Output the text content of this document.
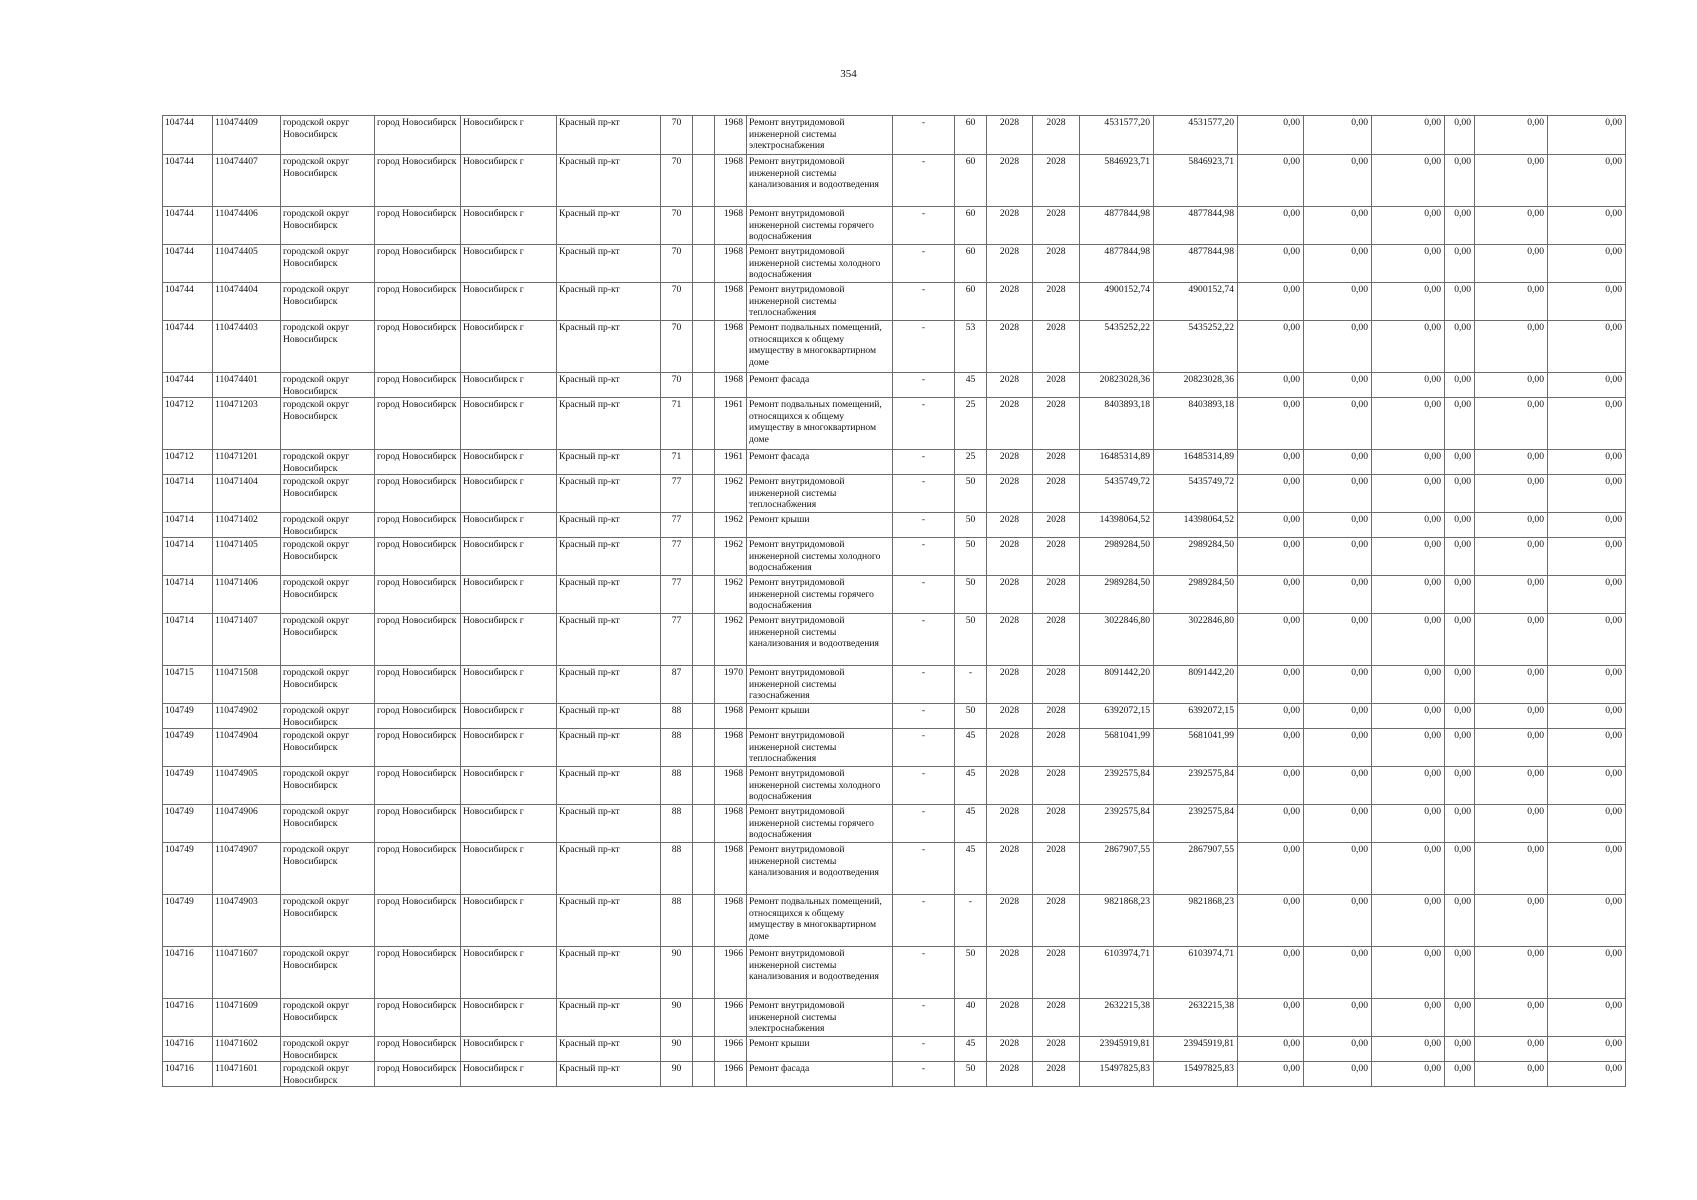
354
104744	110474409	городской округ Новосибирск	город Новосибирск	Новосибирск г	Красный пр-кт	70		1968	Ремонт внутридомовой инженерной системы электроснабжения	-	60	2028	2028	4531577,20	4531577,20	0,00	0,00	0,00	0,00	0,00	0,00
104744	110474407	городской округ Новосибирск	город Новосибирск	Новосибирск г	Красный пр-кт	70		1968	Ремонт внутридомовой инженерной системы канализования и водоотведения	-	60	2028	2028	5846923,71	5846923,71	0,00	0,00	0,00	0,00	0,00	0,00
104744	110474406	городской округ Новосибирск	город Новосибирск	Новосибирск г	Красный пр-кт	70		1968	Ремонт внутридомовой инженерной системы горячего водоснабжения	-	60	2028	2028	4877844,98	4877844,98	0,00	0,00	0,00	0,00	0,00	0,00
104744	110474405	городской округ Новосибирск	город Новосибирск	Новосибирск г	Красный пр-кт	70		1968	Ремонт внутридомовой инженерной системы холодного водоснабжения	-	60	2028	2028	4877844,98	4877844,98	0,00	0,00	0,00	0,00	0,00	0,00
104744	110474404	городской округ Новосибирск	город Новосибирск	Новосибирск г	Красный пр-кт	70		1968	Ремонт внутридомовой инженерной системы теплоснабжения	-	60	2028	2028	4900152,74	4900152,74	0,00	0,00	0,00	0,00	0,00	0,00
104744	110474403	городской округ Новосибирск	город Новосибирск	Новосибирск г	Красный пр-кт	70		1968	Ремонт подвальных помещений, относящихся к общему имуществу в многоквартирном доме	-	53	2028	2028	5435252,22	5435252,22	0,00	0,00	0,00	0,00	0,00	0,00
104744	110474401	городской округ Новосибирск	город Новосибирск	Новосибирск г	Красный пр-кт	70		1968	Ремонт фасада	-	45	2028	2028	20823028,36	20823028,36	0,00	0,00	0,00	0,00	0,00	0,00
104712	110471203	городской округ Новосибирск	город Новосибирск	Новосибирск г	Красный пр-кт	71		1961	Ремонт подвальных помещений, относящихся к общему имуществу в многоквартирном доме	-	25	2028	2028	8403893,18	8403893,18	0,00	0,00	0,00	0,00	0,00	0,00
104712	110471201	городской округ Новосибирск	город Новосибирск	Новосибирск г	Красный пр-кт	71		1961	Ремонт фасада	-	25	2028	2028	16485314,89	16485314,89	0,00	0,00	0,00	0,00	0,00	0,00
104714	110471404	городской округ Новосибирск	город Новосибирск	Новосибирск г	Красный пр-кт	77		1962	Ремонт внутридомовой инженерной системы теплоснабжения	-	50	2028	2028	5435749,72	5435749,72	0,00	0,00	0,00	0,00	0,00	0,00
104714	110471402	городской округ Новосибирск	город Новосибирск	Новосибирск г	Красный пр-кт	77		1962	Ремонт крыши	-	50	2028	2028	14398064,52	14398064,52	0,00	0,00	0,00	0,00	0,00	0,00
104714	110471405	городской округ Новосибирск	город Новосибирск	Новосибирск г	Красный пр-кт	77		1962	Ремонт внутридомовой инженерной системы холодного водоснабжения	-	50	2028	2028	2989284,50	2989284,50	0,00	0,00	0,00	0,00	0,00	0,00
104714	110471406	городской округ Новосибирск	город Новосибирск	Новосибирск г	Красный пр-кт	77		1962	Ремонт внутридомовой инженерной системы горячего водоснабжения	-	50	2028	2028	2989284,50	2989284,50	0,00	0,00	0,00	0,00	0,00	0,00
104714	110471407	городской округ Новосибирск	город Новосибирск	Новосибирск г	Красный пр-кт	77		1962	Ремонт внутридомовой инженерной системы канализования и водоотведения	-	50	2028	2028	3022846,80	3022846,80	0,00	0,00	0,00	0,00	0,00	0,00
104715	110471508	городской округ Новосибирск	город Новосибирск	Новосибирск г	Красный пр-кт	87		1970	Ремонт внутридомовой инженерной системы газоснабжения	-	-	2028	2028	8091442,20	8091442,20	0,00	0,00	0,00	0,00	0,00	0,00
104749	110474902	городской округ Новосибирск	город Новосибирск	Новосибирск г	Красный пр-кт	88		1968	Ремонт крыши	-	50	2028	2028	6392072,15	6392072,15	0,00	0,00	0,00	0,00	0,00	0,00
104749	110474904	городской округ Новосибирск	город Новосибирск	Новосибирск г	Красный пр-кт	88		1968	Ремонт внутридомовой инженерной системы теплоснабжения	-	45	2028	2028	5681041,99	5681041,99	0,00	0,00	0,00	0,00	0,00	0,00
104749	110474905	городской округ Новосибирск	город Новосибирск	Новосибирск г	Красный пр-кт	88		1968	Ремонт внутридомовой инженерной системы холодного водоснабжения	-	45	2028	2028	2392575,84	2392575,84	0,00	0,00	0,00	0,00	0,00	0,00
104749	110474906	городской округ Новосибирск	город Новосибирск	Новосибирск г	Красный пр-кт	88		1968	Ремонт внутридомовой инженерной системы горячего водоснабжения	-	45	2028	2028	2392575,84	2392575,84	0,00	0,00	0,00	0,00	0,00	0,00
104749	110474907	городской округ Новосибирск	город Новосибирск	Новосибирск г	Красный пр-кт	88		1968	Ремонт внутридомовой инженерной системы канализования и водоотведения	-	45	2028	2028	2867907,55	2867907,55	0,00	0,00	0,00	0,00	0,00	0,00
104749	110474903	городской округ Новосибирск	город Новосибирск	Новосибирск г	Красный пр-кт	88		1968	Ремонт подвальных помещений, относящихся к общему имуществу в многоквартирном доме	-	-	2028	2028	9821868,23	9821868,23	0,00	0,00	0,00	0,00	0,00	0,00
104716	110471607	городской округ Новосибирск	город Новосибирск	Новосибирск г	Красный пр-кт	90		1966	Ремонт внутридомовой инженерной системы канализования и водоотведения	-	50	2028	2028	6103974,71	6103974,71	0,00	0,00	0,00	0,00	0,00	0,00
104716	110471609	городской округ Новосибирск	город Новосибирск	Новосибирск г	Красный пр-кт	90		1966	Ремонт внутридомовой инженерной системы электроснабжения	-	40	2028	2028	2632215,38	2632215,38	0,00	0,00	0,00	0,00	0,00	0,00
104716	110471602	городской округ Новосибирск	город Новосибирск	Новосибирск г	Красный пр-кт	90		1966	Ремонт крыши	-	45	2028	2028	23945919,81	23945919,81	0,00	0,00	0,00	0,00	0,00	0,00
104716	110471601	городской округ Новосибирск	город Новосибирск	Новосибирск г	Красный пр-кт	90		1966	Ремонт фасада	-	50	2028	2028	15497825,83	15497825,83	0,00	0,00	0,00	0,00	0,00	0,00
